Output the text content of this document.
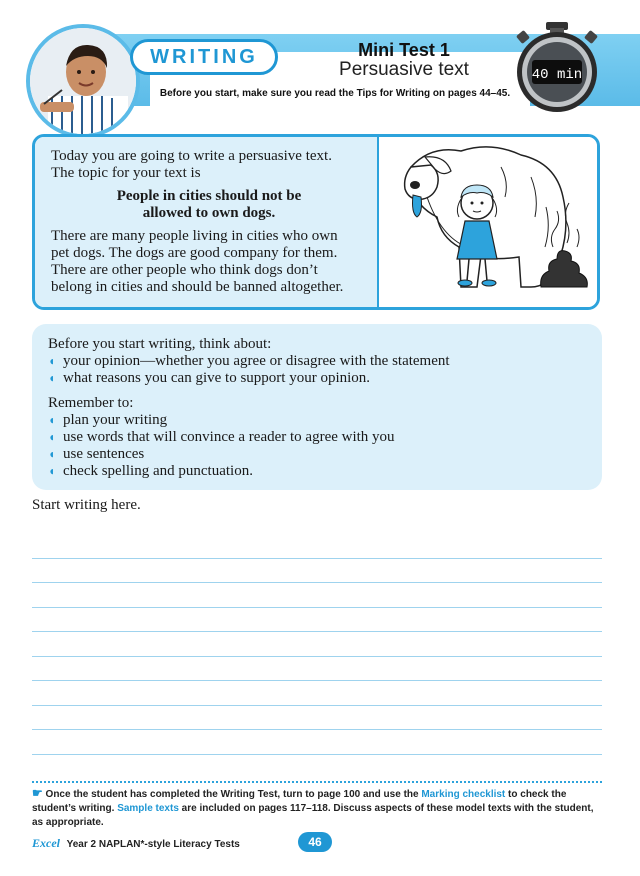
WRITING	Mini Test 1
Persuasive text
Before you start, make sure you read the Tips for Writing on pages 44–45.
40 min

Today you are going to write a persuasive text.

The topic for your text is

People in cities should not be
allowed to own dogs.

There are many people living in cities who own
pet dogs. The dogs are good company for them.
There are other people who think dogs don’t
belong in cities and should be banned altogether.

Before you start writing, think about:

◖ your opinion—whether you agree or disagree with the statement
◖ what reasons you can give to support your opinion.

Remember to:

◖ plan your writing
◖ use words that will convince a reader to agree with you
◖ use sentences
◖ check spelling and punctuation.
Start writing here.
☛ Once the student has completed the Writing Test, turn to page 100 and use the Marking checklist to check the student’s writing. Sample texts are included on pages 117–118. Discuss aspects of these model texts with the student, as appropriate.
Excel Year 2 NAPLAN*-style Literacy Tests	46
